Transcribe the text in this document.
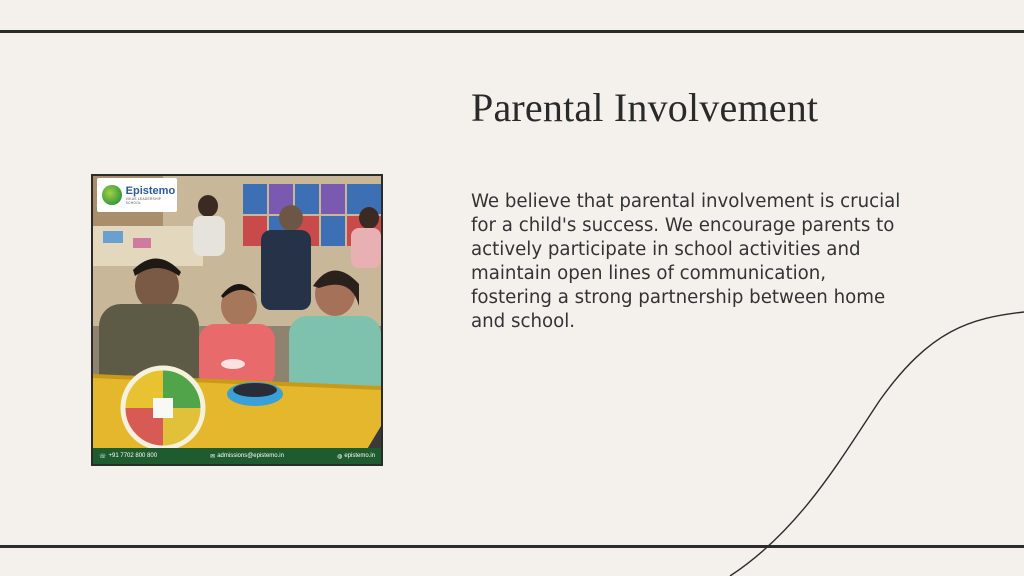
Parental Involvement
We believe that parental involvement is crucial for a child's success. We encourage parents to actively participate in school activities and maintain open lines of communication, fostering a strong partnership between home and school.
Epistemo
VIKAS LEADERSHIP SCHOOL
☏ +91 7702 800 800	✉ admissions@epistemo.in	◍ epistemo.in
